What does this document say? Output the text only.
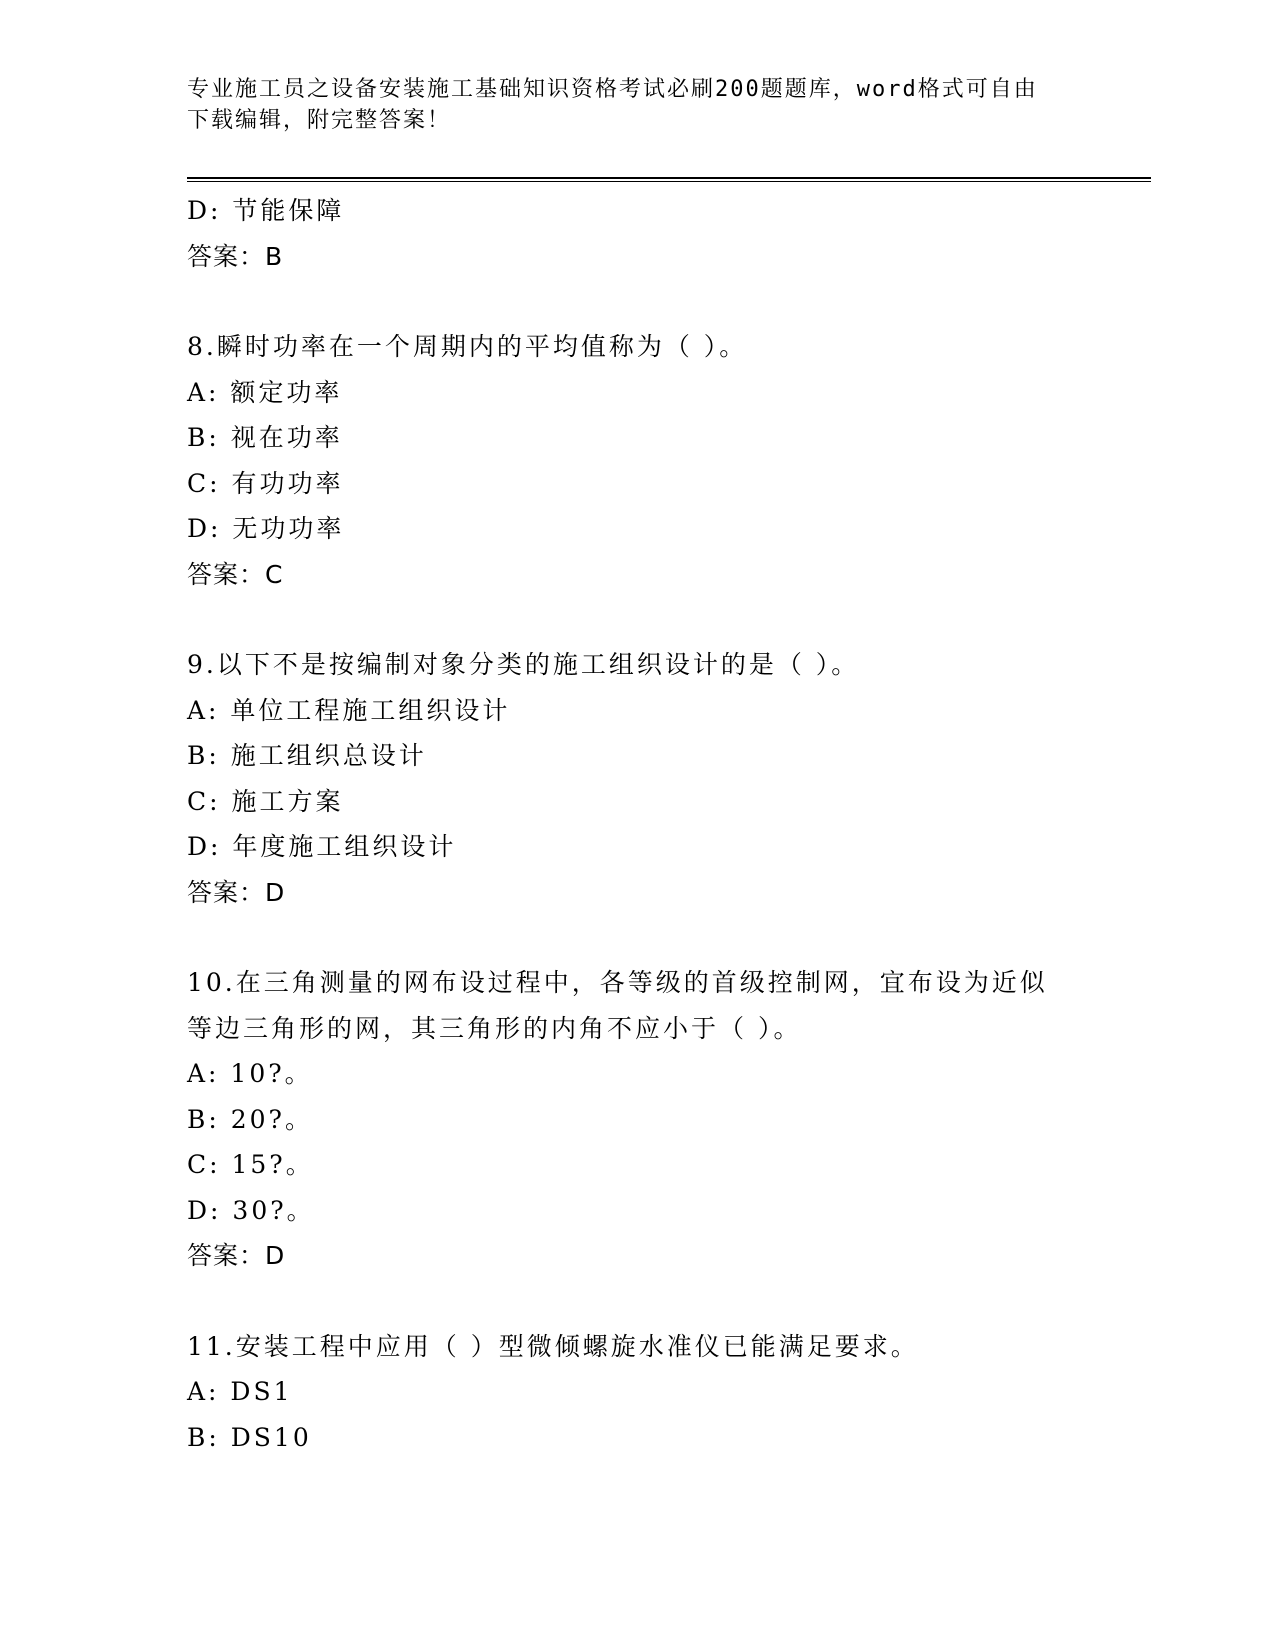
专业施工员之设备安装施工基础知识资格考试必刷200题题库，word格式可自由
下载编辑，附完整答案！
D: 节能保障
答案：B
8.瞬时功率在一个周期内的平均值称为（ ）。
A: 额定功率
B: 视在功率
C: 有功功率
D: 无功功率
答案：C
9.以下不是按编制对象分类的施工组织设计的是（ ）。
A: 单位工程施工组织设计
B: 施工组织总设计
C: 施工方案
D: 年度施工组织设计
答案：D
10.在三角测量的网布设过程中，各等级的首级控制网，宜布设为近似
等边三角形的网，其三角形的内角不应小于（ ）。
A: 10?。
B: 20?。
C: 15?。
D: 30?。
答案：D
11.安装工程中应用（ ）型微倾螺旋水准仪已能满足要求。
A: DS1
B: DS10
